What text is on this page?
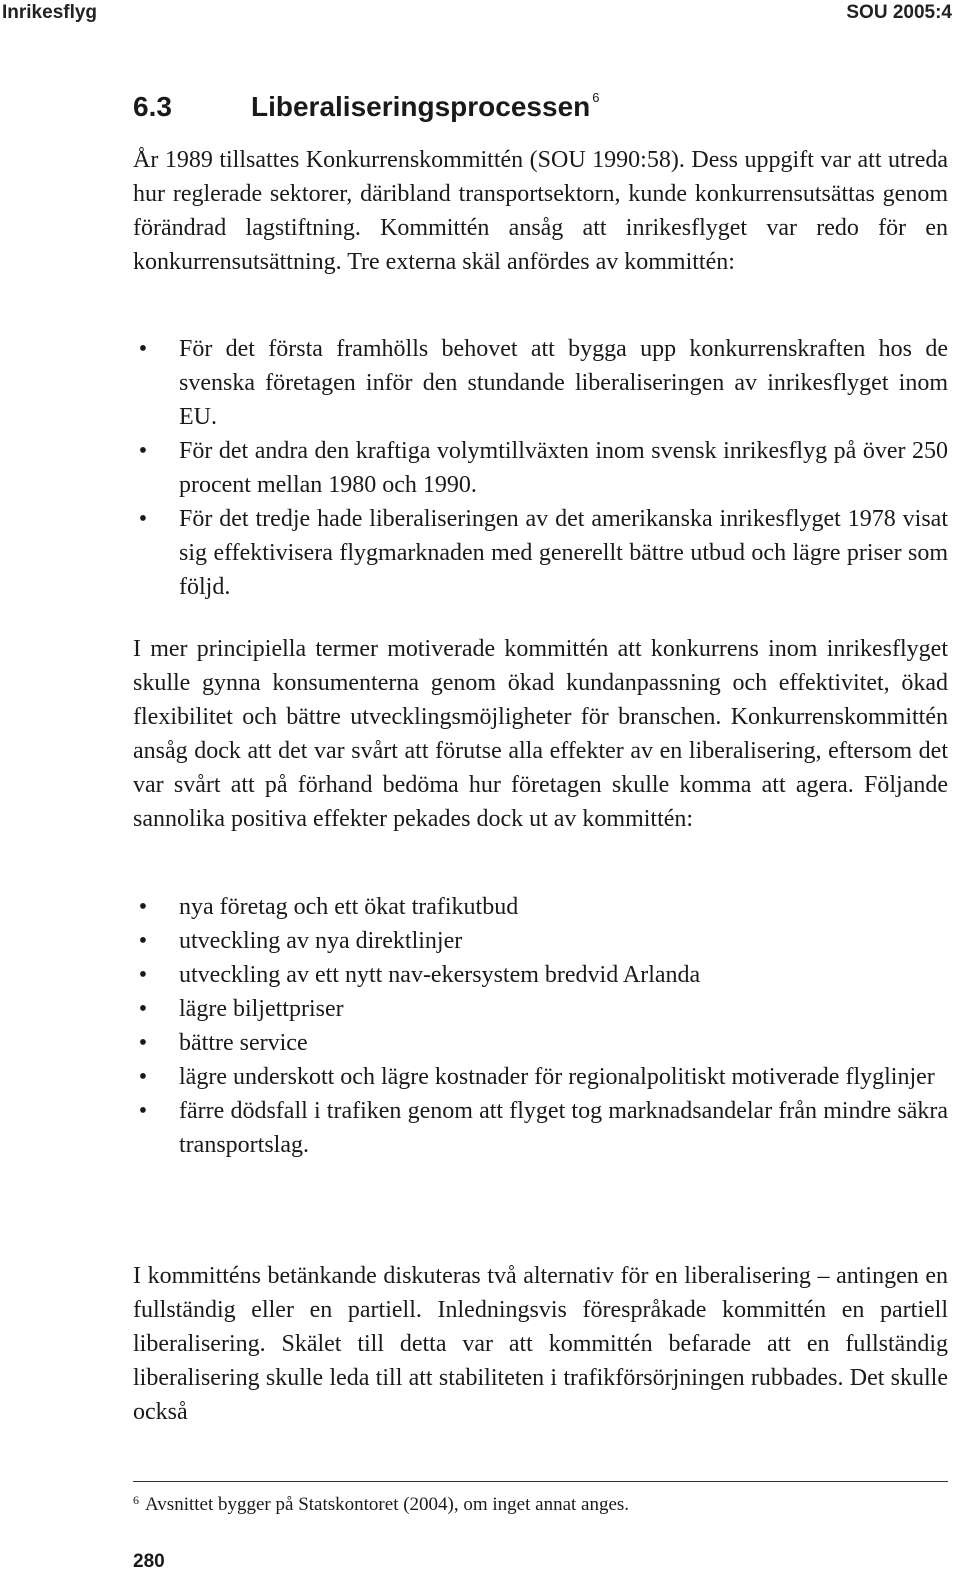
Inrikesflyg	SOU 2005:4
6.3	Liberaliseringsprocessen $^6$

År 1989 tillsattes Konkurrenskommittén (SOU 1990:58). Dess uppgift var att utreda hur reglerade sektorer, däribland transportsektorn, kunde konkurrensutsättas genom förändrad lagstiftning. Kommittén ansåg att inrikesflyget var redo för en konkurrensutsättning. Tre externa skäl anfördes av kommittén:

• För det första framhölls behovet att bygga upp konkurrenskraften hos de svenska företagen inför den stundande liberaliseringen av inrikesflyget inom EU.
• För det andra den kraftiga volymtillväxten inom svensk inrikesflyg på över 250 procent mellan 1980 och 1990.
• För det tredje hade liberaliseringen av det amerikanska inrikesflyget 1978 visat sig effektivisera flygmarknaden med generellt bättre utbud och lägre priser som följd.

I mer principiella termer motiverade kommittén att konkurrens inom inrikesflyget skulle gynna konsumenterna genom ökad kundanpassning och effektivitet, ökad flexibilitet och bättre utvecklingsmöjligheter för branschen. Konkurrenskommittén ansåg dock att det var svårt att förutse alla effekter av en liberalisering, eftersom det var svårt att på förhand bedöma hur företagen skulle komma att agera. Följande sannolika positiva effekter pekades dock ut av kommittén:

• nya företag och ett ökat trafikutbud
• utveckling av nya direktlinjer
• utveckling av ett nytt nav-ekersystem bredvid Arlanda
• lägre biljettpriser
• bättre service
• lägre underskott och lägre kostnader för regionalpolitiskt motiverade flyglinjer
• färre dödsfall i trafiken genom att flyget tog marknadsandelar från mindre säkra transportslag.

I kommitténs betänkande diskuteras två alternativ för en liberalisering – antingen en fullständig eller en partiell. Inledningsvis förespråkade kommittén en partiell liberalisering. Skälet till detta var att kommittén befarade att en fullständig liberalisering skulle leda till att stabiliteten i trafikförsörjningen rubbades. Det skulle också

$^6$ Avsnittet bygger på Statskontoret (2004), om inget annat anges.
280
